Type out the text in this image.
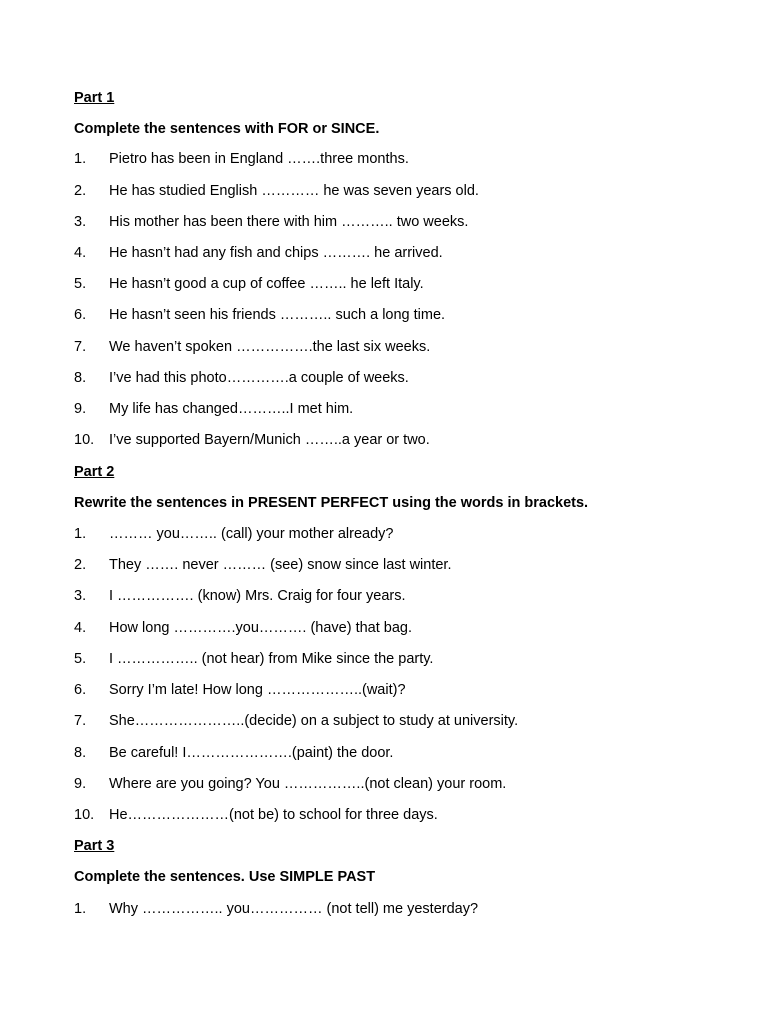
Part 1
Complete the sentences with FOR or SINCE.
1. Pietro has been in England …….three months.
2. He has studied English ………… he was seven years old.
3. His mother has been there with him ……….. two weeks.
4. He hasn’t had any fish and chips ………. he arrived.
5. He hasn’t good a cup of coffee …….. he left Italy.
6. He hasn’t seen his friends ……….. such a long time.
7. We haven’t spoken …………….the last six weeks.
8. I’ve had this photo………….a couple of weeks.
9. My life has changed………..I met him.
10. I’ve supported Bayern/Munich ……..a year or two.
Part 2
Rewrite the sentences in PRESENT PERFECT using the words in brackets.
1. ……… you…….. (call) your mother already?
2. They ……. never ……… (see) snow since last winter.
3. I ……………. (know) Mrs. Craig for four years.
4. How long ………….you………. (have) that bag.
5. I …………….. (not hear) from Mike since the party.
6. Sorry I’m late! How long ………………..(wait)?
7. She…………………..(decide) on a subject to study at university.
8. Be careful! I………………….(paint) the door.
9. Where are you going? You ……………..(not clean) your room.
10. He…………………(not be) to school for three days.
Part 3
Complete the sentences. Use SIMPLE PAST
1. Why …………….. you…………… (not tell) me yesterday?
